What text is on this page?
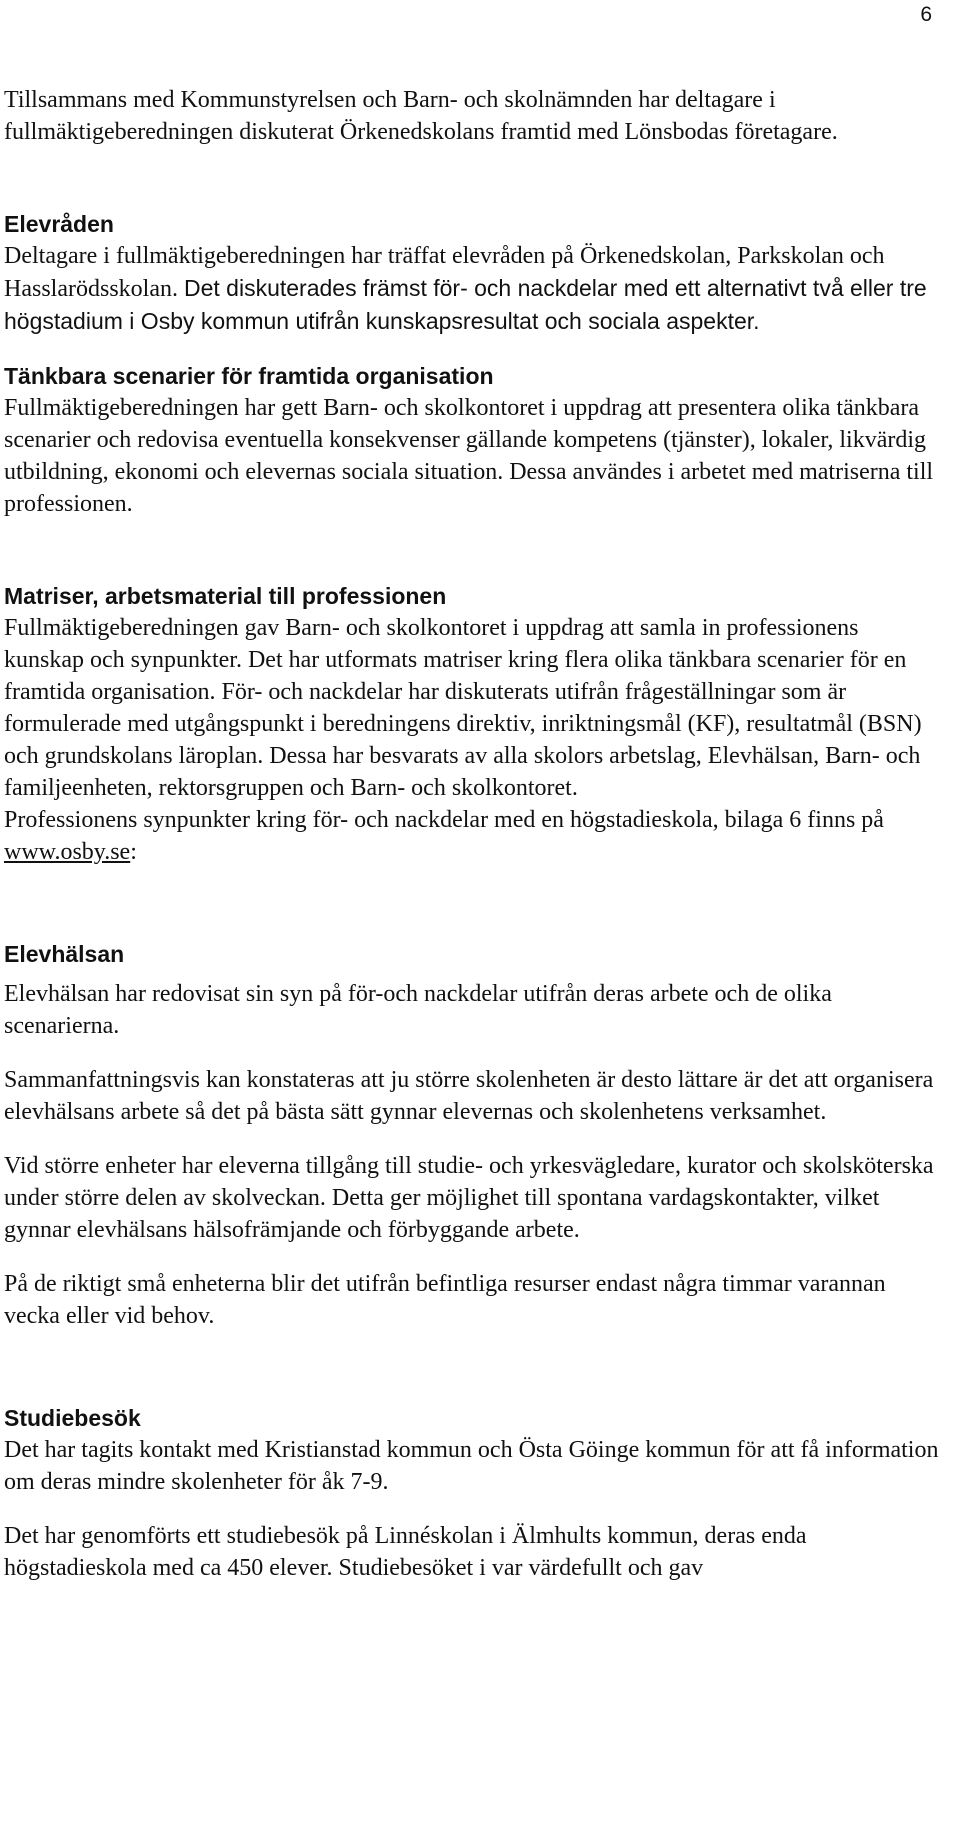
6

Tillsammans med Kommunstyrelsen och Barn- och skolnämnden har deltagare i fullmäktigeberedningen diskuterat Örkenedskolans framtid med Lönsbodas företagare.

Elevråden

Deltagare i fullmäktigeberedningen har träffat elevråden på Örkenedskolan, Parkskolan och Hasslarödsskolan. Det diskuterades främst för- och nackdelar med ett alternativt två eller tre högstadium i Osby kommun utifrån kunskapsresultat och sociala aspekter.

Tänkbara scenarier för framtida organisation

Fullmäktigeberedningen har gett Barn- och skolkontoret i uppdrag att presentera olika tänkbara scenarier och redovisa eventuella konsekvenser gällande kompetens (tjänster), lokaler, likvärdig utbildning, ekonomi och elevernas sociala situation. Dessa användes i arbetet med matriserna till professionen.

Matriser, arbetsmaterial till professionen

Fullmäktigeberedningen gav Barn- och skolkontoret i uppdrag att samla in professionens kunskap och synpunkter. Det har utformats matriser kring flera olika tänkbara scenarier för en framtida organisation. För- och nackdelar har diskuterats utifrån frågeställningar som är formulerade med utgångspunkt i beredningens direktiv, inriktningsmål (KF), resultatmål (BSN) och grundskolans läroplan. Dessa har besvarats av alla skolors arbetslag, Elevhälsan, Barn- och familjeenheten, rektorsgruppen och Barn- och skolkontoret.

Professionens synpunkter kring för- och nackdelar med en högstadieskola, bilaga 6 finns på www.osby.se:

Elevhälsan

Elevhälsan har redovisat sin syn på för-och nackdelar utifrån deras arbete och de olika scenarierna.

Sammanfattningsvis kan konstateras att ju större skolenheten är desto lättare är det att organisera elevhälsans arbete så det på bästa sätt gynnar elevernas och skolenhetens verksamhet.

Vid större enheter har eleverna tillgång till studie- och yrkesvägledare, kurator och skolsköterska under större delen av skolveckan. Detta ger möjlighet till spontana vardagskontakter, vilket gynnar elevhälsans hälsofrämjande och förbyggande arbete.

På de riktigt små enheterna blir det utifrån befintliga resurser endast några timmar varannan vecka eller vid behov.

Studiebesök

Det har tagits kontakt med Kristianstad kommun och Östa Göinge kommun för att få information om deras mindre skolenheter för åk 7-9.

Det har genomförts ett studiebesök på Linnéskolan i Älmhults kommun, deras enda högstadieskola med ca 450 elever. Studiebesöket i var värdefullt och gav
